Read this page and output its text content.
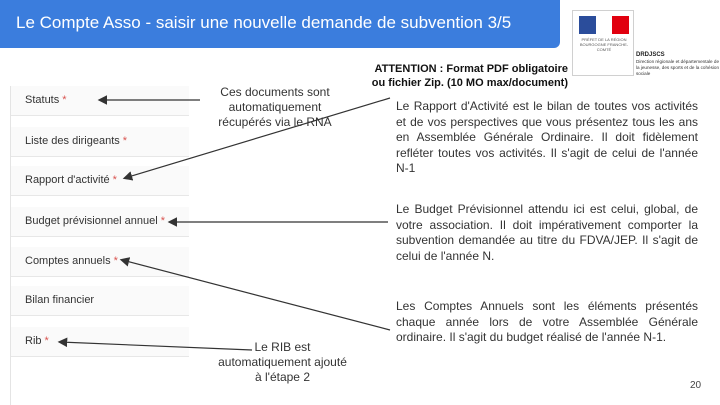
Le Compte Asso - saisir une nouvelle demande de subvention 3/5
PRÉFET DE LA RÉGION BOURGOGNE FRANCHE-COMTÉ
DRDJSCS
Direction régionale et départementale de la jeunesse, des sports et de la cohésion sociale
Statuts *
Liste des dirigeants *
Rapport d'activité *
Budget prévisionnel annuel *
Comptes annuels *
Bilan financier
Rib *
Ces documents sont
automatiquement
récupérés via le RNA
ATTENTION : Format PDF obligatoire
ou fichier Zip. (10 MO max/document)
Le Rapport d'Activité est le bilan de toutes vos activités et de vos perspectives que vous présentez tous les ans en Assemblée Générale Ordinaire. Il doit fidèlement refléter toutes vos activités. Il s'agit de celui de l'année N-1
Le Budget Prévisionnel attendu ici est celui, global, de votre association. Il doit impérativement comporter la subvention demandée au titre du FDVA/JEP. Il s'agit de celui de l'année N.
Les Comptes Annuels sont les éléments présentés chaque année lors de votre Assemblée Générale ordinaire. Il s'agit du budget réalisé de l'année N-1.
Le RIB est
automatiquement ajouté
à l'étape 2
20
